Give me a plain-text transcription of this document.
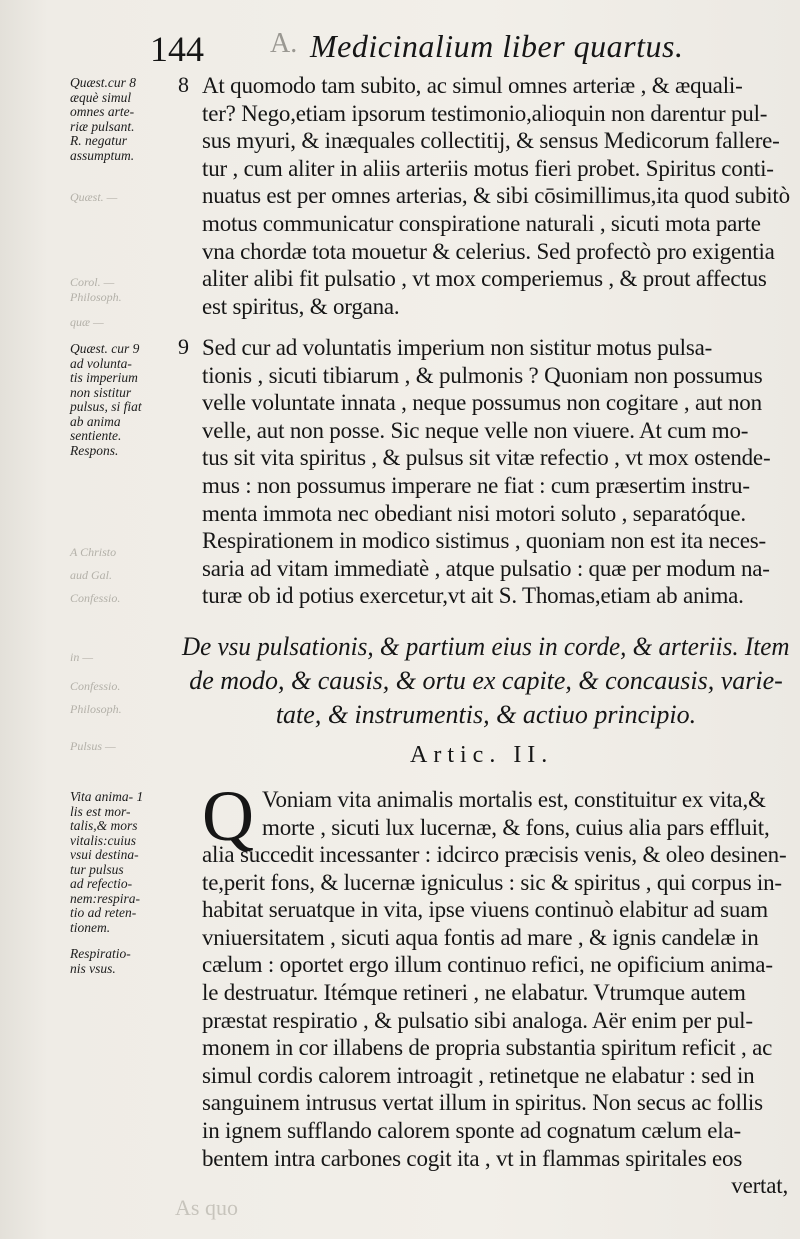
144 A. Medicinalium liber quartus.
Quæst. —
Corol. —
Philosoph.
quæ —
A Christo
aud Gal.
Confessio.
in —
Confessio.
Philosoph.
Pulsus —
As quo
Quæst.cur 8
æquè simul
omnes arte-
riæ pulsant.
R. negatur
assumptum.
At quomodo tam subito, ac simul omnes arteriæ , & æquali-
ter? Nego,etiam ipsorum testimonio,alioquin non darentur pul-
sus myuri, & inæquales collectitij, & sensus Medicorum fallere-
tur , cum aliter in aliis arteriis motus fieri probet. Spiritus conti-
nuatus est per omnes arterias, & sibi cōsimillimus,ita quod subitò
motus communicatur conspiratione naturali , sicuti mota parte
vna chordæ tota mouetur & celerius. Sed profectò pro exigentia
aliter alibi fit pulsatio , vt mox comperiemus , & prout affectus
est spiritus, & organa.
Quæst. cur 9
ad volunta-
tis imperium
non sistitur
pulsus, si fiat
ab anima
sentiente.
Respons.
Sed cur ad voluntatis imperium non sistitur motus pulsa-
tionis , sicuti tibiarum , & pulmonis ? Quoniam non possumus
velle voluntate innata , neque possumus non cogitare , aut non
velle, aut non posse. Sic neque velle non viuere. At cum mo-
tus sit vita spiritus , & pulsus sit vitæ refectio , vt mox ostende-
mus : non possumus imperare ne fiat : cum præsertim instru-
menta immota nec obediant nisi motori soluto , separatóque.
Respirationem in modico sistimus , quoniam non est ita neces-
saria ad vitam immediatè , atque pulsatio : quæ per modum na-
turæ ob id potius exercetur,vt ait S. Thomas,etiam ab anima.
De vsu pulsationis, & partium eius in corde, & arteriis. Item
de modo, & causis, & ortu ex capite, & concausis, varie-
tate, & instrumentis, & actiuo principio.
Artic. II.
Vita anima- 1
lis est mor-
talis,& mors
vitalis:cuius
vsui destina-
tur pulsus
ad refectio-
nem:respira-
tio ad reten-
tionem.
Respiratio-
nis vsus.
Q Voniam vita animalis mortalis est, constituitur ex vita,&
morte , sicuti lux lucernæ, & fons, cuius alia pars effluit,
alia succedit incessanter : idcirco præcisis venis, & oleo desinen-
te,perit fons, & lucernæ igniculus : sic & spiritus , qui corpus in-
habitat seruatque in vita, ipse viuens continuò elabitur ad suam
vniuersitatem , sicuti aqua fontis ad mare , & ignis candelæ in
cælum : oportet ergo illum continuo refici, ne opificium anima-
le destruatur. Itémque retineri , ne elabatur. Vtrumque autem
præstat respiratio , & pulsatio sibi analoga. Aër enim per pul-
monem in cor illabens de propria substantia spiritum reficit , ac
simul cordis calorem introagit , retinetque ne elabatur : sed in
sanguinem intrusus vertat illum in spiritus. Non secus ac follis
in ignem sufflando calorem sponte ad cognatum cælum ela-
bentem intra carbones cogit ita , vt in flammas spiritales eos
vertat,
8
9
